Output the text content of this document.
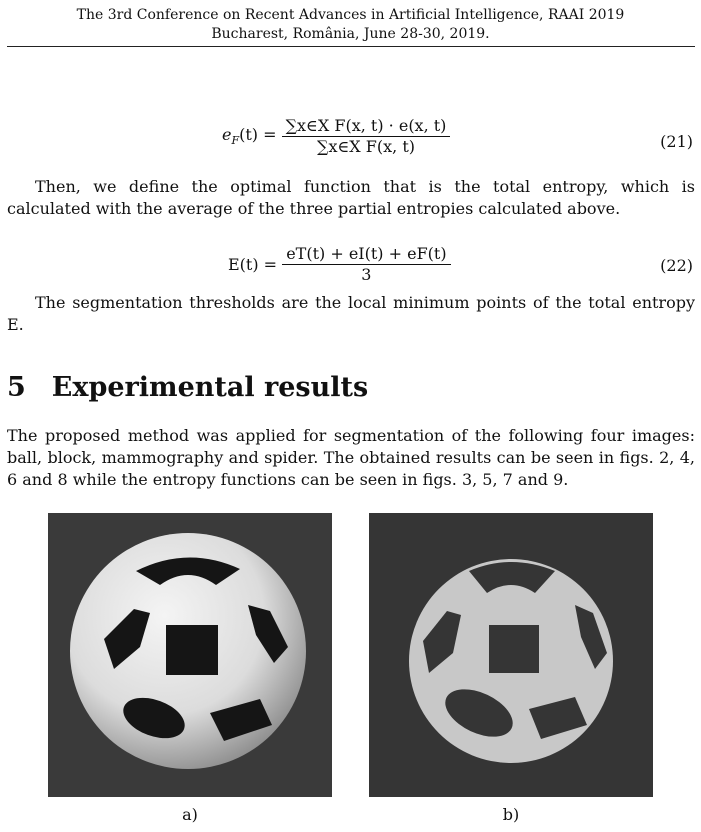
The 3rd Conference on Recent Advances in Artificial Intelligence, RAAI 2019
Bucharest, România, June 28-30, 2019.
$e_F(t) = \frac{\text{∑x∈X F(x, t) · e(x, t)}}{\text{∑x∈X F(x, t)}}$	(21)
Then, we define the optimal function that is the total entropy, which is calculated with the average of the three partial entropies calculated above.
$E(t) = \frac{eT(t) + eI(t) + eF(t)}{3}$	(22)
The segmentation thresholds are the local minimum points of the total entropy E.
5 Experimental results
The proposed method was applied for segmentation of the following four images: ball, block, mammography and spider. The obtained results can be seen in figs. 2, 4, 6 and 8 while the entropy functions can be seen in figs. 3, 5, 7 and 9.
a)	b)
